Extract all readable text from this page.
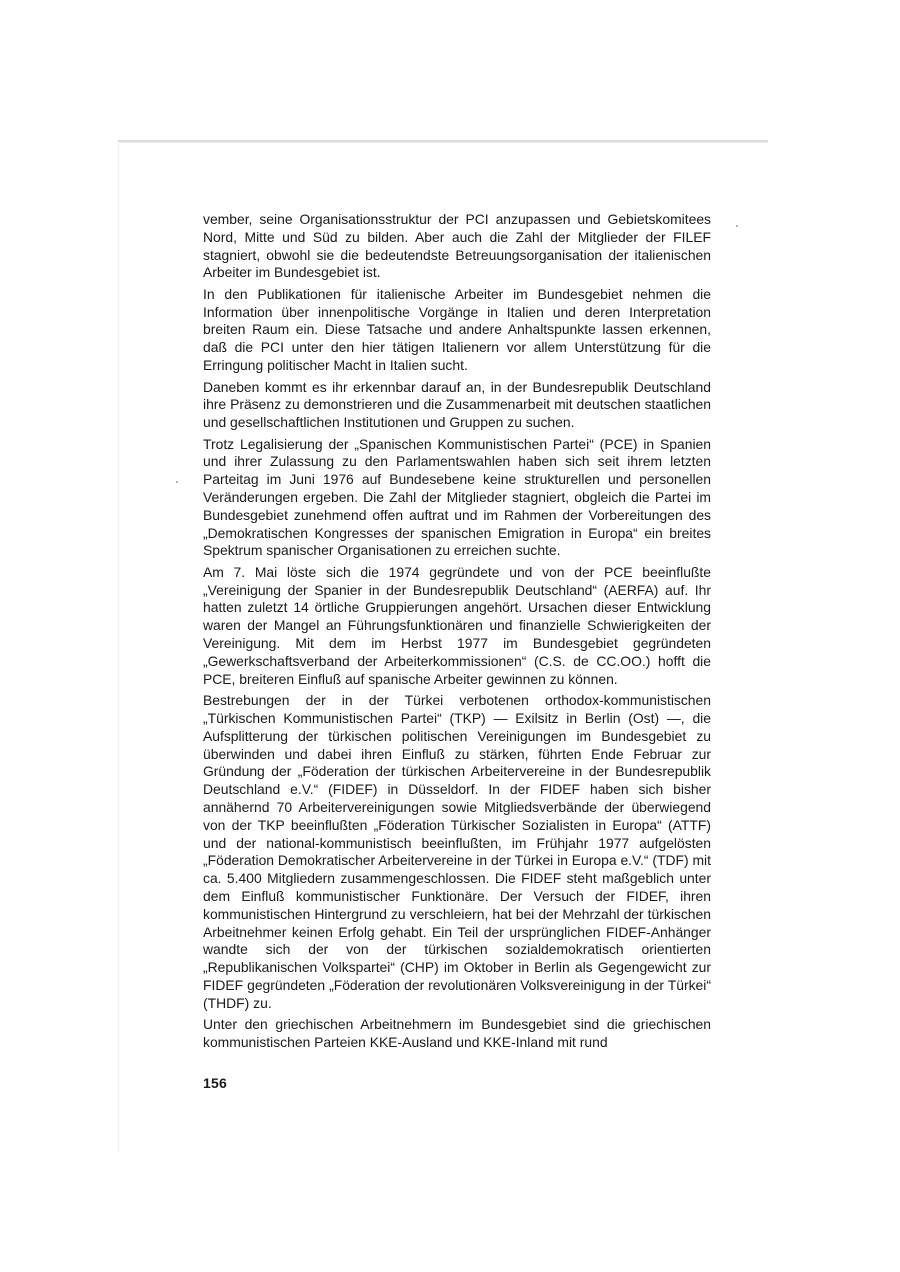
vember, seine Organisationsstruktur der PCI anzupassen und Gebietskomitees Nord, Mitte und Süd zu bilden. Aber auch die Zahl der Mitglieder der FILEF stagniert, obwohl sie die bedeutendste Betreuungsorganisation der italienischen Arbeiter im Bundesgebiet ist.

In den Publikationen für italienische Arbeiter im Bundesgebiet nehmen die Information über innenpolitische Vorgänge in Italien und deren Interpretation breiten Raum ein. Diese Tatsache und andere Anhaltspunkte lassen erkennen, daß die PCI unter den hier tätigen Italienern vor allem Unterstützung für die Erringung politischer Macht in Italien sucht.

Daneben kommt es ihr erkennbar darauf an, in der Bundesrepublik Deutschland ihre Präsenz zu demonstrieren und die Zusammenarbeit mit deutschen staatlichen und gesellschaftlichen Institutionen und Gruppen zu suchen.

Trotz Legalisierung der „Spanischen Kommunistischen Partei“ (PCE) in Spanien und ihrer Zulassung zu den Parlamentswahlen haben sich seit ihrem letzten Parteitag im Juni 1976 auf Bundesebene keine strukturellen und personellen Veränderungen ergeben. Die Zahl der Mitglieder stagniert, obgleich die Partei im Bundesgebiet zunehmend offen auftrat und im Rahmen der Vorbereitungen des „Demokratischen Kongresses der spanischen Emigration in Europa“ ein breites Spektrum spanischer Organisationen zu erreichen suchte.

Am 7. Mai löste sich die 1974 gegründete und von der PCE beeinflußte „Vereinigung der Spanier in der Bundesrepublik Deutschland“ (AERFA) auf. Ihr hatten zuletzt 14 örtliche Gruppierungen angehört. Ursachen dieser Entwicklung waren der Mangel an Führungsfunktionären und finanzielle Schwierigkeiten der Vereinigung. Mit dem im Herbst 1977 im Bundesgebiet gegründeten „Gewerkschaftsverband der Arbeiterkommissionen“ (C.S. de CC.OO.) hofft die PCE, breiteren Einfluß auf spanische Arbeiter gewinnen zu können.

Bestrebungen der in der Türkei verbotenen orthodox-kommunistischen „Türkischen Kommunistischen Partei“ (TKP) — Exilsitz in Berlin (Ost) —, die Aufsplitterung der türkischen politischen Vereinigungen im Bundesgebiet zu überwinden und dabei ihren Einfluß zu stärken, führten Ende Februar zur Gründung der „Föderation der türkischen Arbeitervereine in der Bundesrepublik Deutschland e.V.“ (FIDEF) in Düsseldorf. In der FIDEF haben sich bisher annähernd 70 Arbeitervereinigungen sowie Mitgliedsverbände der überwiegend von der TKP beeinflußten „Föderation Türkischer Sozialisten in Europa“ (ATTF) und der national-kommunistisch beeinflußten, im Frühjahr 1977 aufgelösten „Föderation Demokratischer Arbeitervereine in der Türkei in Europa e.V.“ (TDF) mit ca. 5.400 Mitgliedern zusammengeschlossen. Die FIDEF steht maßgeblich unter dem Einfluß kommunistischer Funktionäre. Der Versuch der FIDEF, ihren kommunistischen Hintergrund zu verschleiern, hat bei der Mehrzahl der türkischen Arbeitnehmer keinen Erfolg gehabt. Ein Teil der ursprünglichen FIDEF-Anhänger wandte sich der von der türkischen sozialdemokratisch orientierten „Republikanischen Volkspartei“ (CHP) im Oktober in Berlin als Gegengewicht zur FIDEF gegründeten „Föderation der revolutionären Volksvereinigung in der Türkei“ (THDF) zu.

Unter den griechischen Arbeitnehmern im Bundesgebiet sind die griechischen kommunistischen Parteien KKE-Ausland und KKE-Inland mit rund

156
